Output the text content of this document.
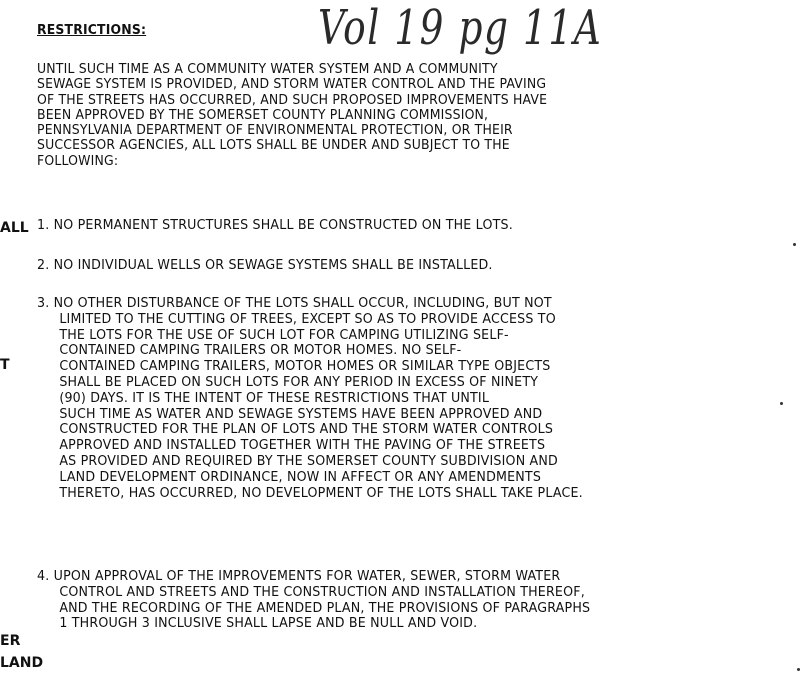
RESTRICTIONS:	Vol 19 pg 11A
UNTIL SUCH TIME AS A COMMUNITY WATER SYSTEM AND A COMMUNITY
SEWAGE SYSTEM IS PROVIDED, AND STORM WATER CONTROL AND THE PAVING
OF THE STREETS HAS OCCURRED, AND SUCH PROPOSED IMPROVEMENTS HAVE
BEEN APPROVED BY THE SOMERSET COUNTY PLANNING COMMISSION,
PENNSYLVANIA DEPARTMENT OF ENVIRONMENTAL PROTECTION, OR THEIR
SUCCESSOR AGENCIES, ALL LOTS SHALL BE UNDER AND SUBJECT TO THE
FOLLOWING:
1. NO PERMANENT STRUCTURES SHALL BE CONSTRUCTED ON THE LOTS.
2. NO INDIVIDUAL WELLS OR SEWAGE SYSTEMS SHALL BE INSTALLED.
3. NO OTHER DISTURBANCE OF THE LOTS SHALL OCCUR, INCLUDING, BUT NOT
LIMITED TO THE CUTTING OF TREES, EXCEPT SO AS TO PROVIDE ACCESS TO
THE LOTS FOR THE USE OF SUCH LOT FOR CAMPING UTILIZING SELF-
CONTAINED CAMPING TRAILERS OR MOTOR HOMES. NO SELF-
CONTAINED CAMPING TRAILERS, MOTOR HOMES OR SIMILAR TYPE OBJECTS
SHALL BE PLACED ON SUCH LOTS FOR ANY PERIOD IN EXCESS OF NINETY
(90) DAYS. IT IS THE INTENT OF THESE RESTRICTIONS THAT UNTIL
SUCH TIME AS WATER AND SEWAGE SYSTEMS HAVE BEEN APPROVED AND
CONSTRUCTED FOR THE PLAN OF LOTS AND THE STORM WATER CONTROLS
APPROVED AND INSTALLED TOGETHER WITH THE PAVING OF THE STREETS
AS PROVIDED AND REQUIRED BY THE SOMERSET COUNTY SUBDIVISION AND
LAND DEVELOPMENT ORDINANCE, NOW IN AFFECT OR ANY AMENDMENTS
THERETO, HAS OCCURRED, NO DEVELOPMENT OF THE LOTS SHALL TAKE PLACE.
4. UPON APPROVAL OF THE IMPROVEMENTS FOR WATER, SEWER, STORM WATER
CONTROL AND STREETS AND THE CONSTRUCTION AND INSTALLATION THEREOF,
AND THE RECORDING OF THE AMENDED PLAN, THE PROVISIONS OF PARAGRAPHS
1 THROUGH 3 INCLUSIVE SHALL LAPSE AND BE NULL AND VOID.
ALL
T
ER
LAND
